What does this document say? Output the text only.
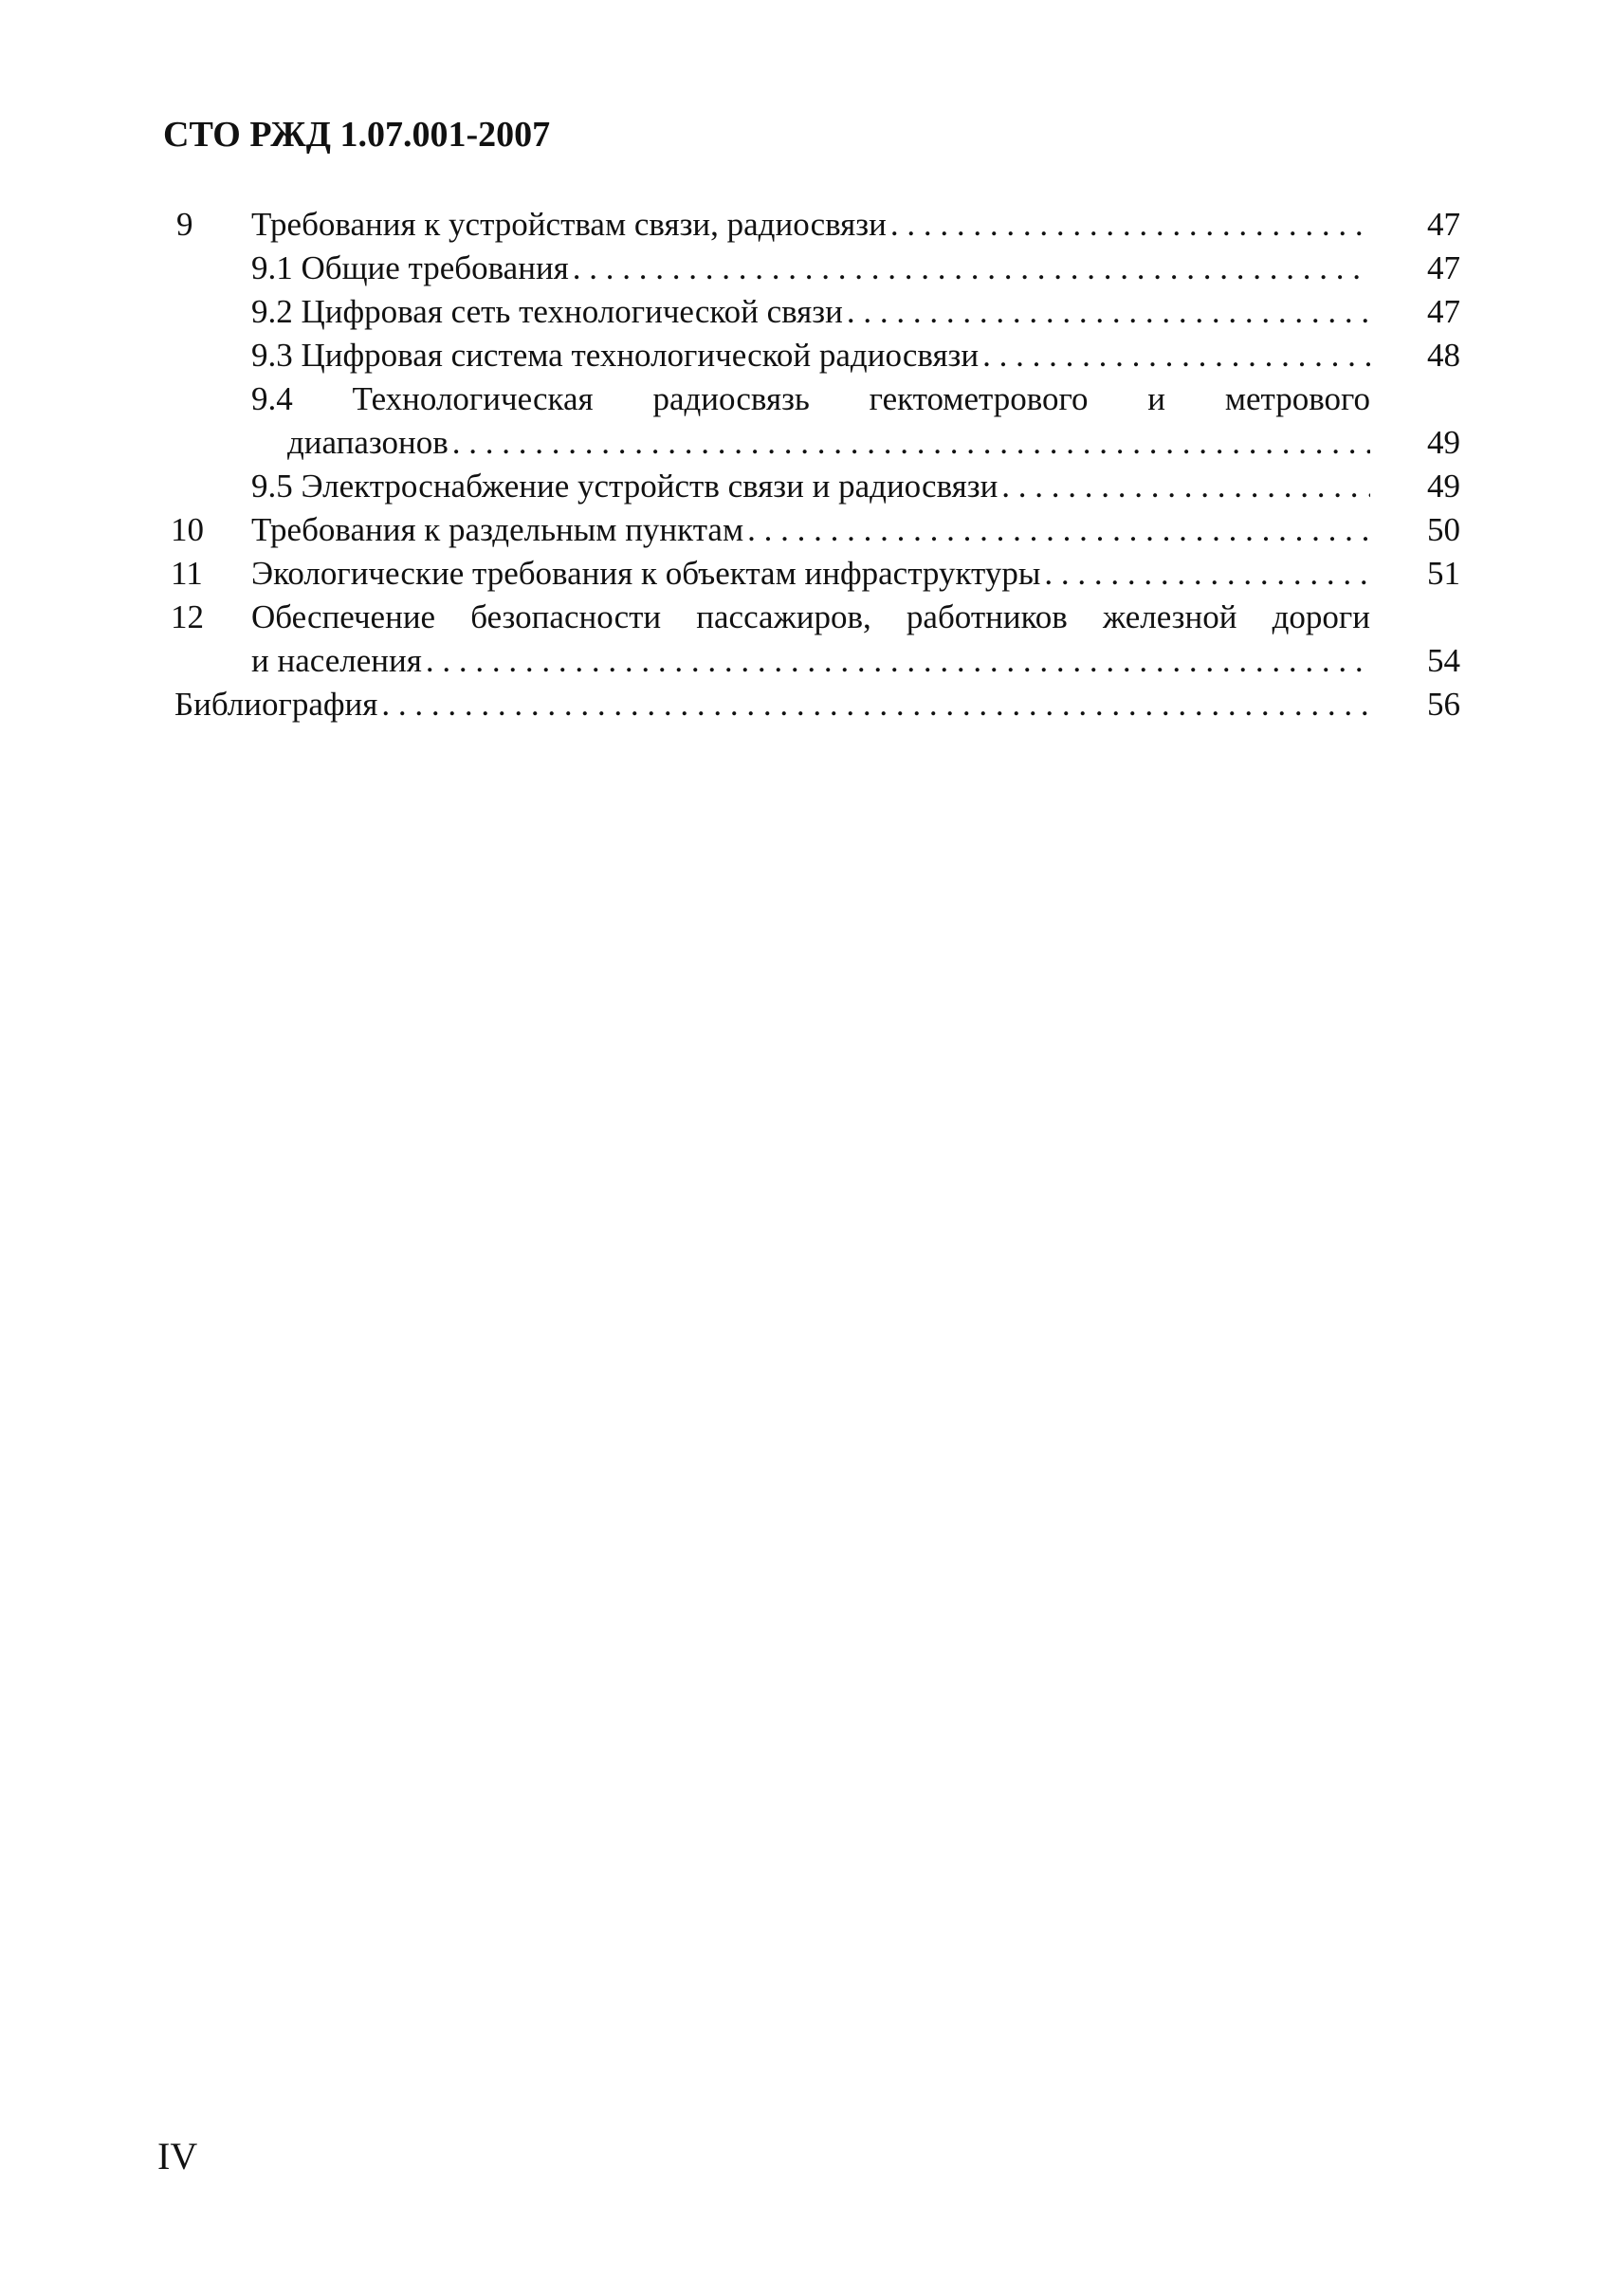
СТО РЖД 1.07.001-2007
9	Требования к устройствам связи, радиосвязи . . .	47
9.1 Общие требования . . .	47
9.2 Цифровая сеть технологической связи . . .	47
9.3 Цифровая система технологической радиосвязи . . .	48
9.4 Технологическая радиосвязь гектометрового и метрового
диапазонов . . .	49
9.5 Электроснабжение устройств связи и радиосвязи . . .	49
10	Требования к раздельным пунктам . . .	50
11	Экологические требования к объектам инфраструктуры . . .	51
12	Обеспечение безопасности пассажиров, работников железной дороги
и населения . . .	54
Библиография . . .	56
IV
